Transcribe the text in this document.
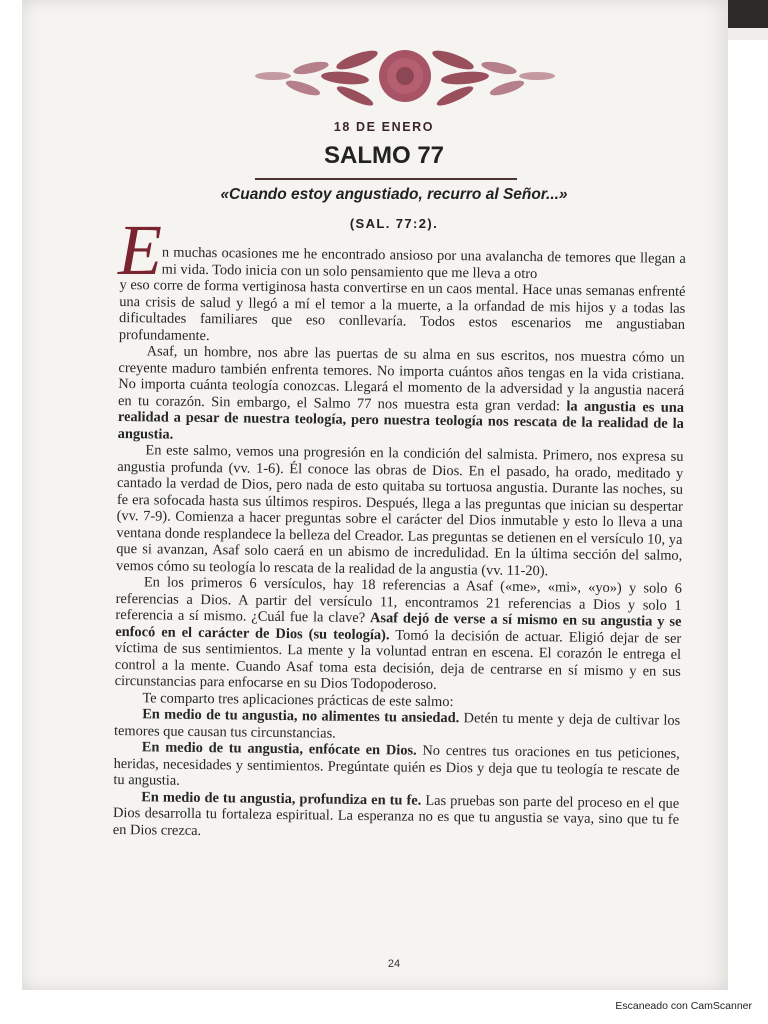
18 DE ENERO
SALMO 77
«Cuando estoy angustiado, recurro al Señor...»
(SAL. 77:2).
E n muchas ocasiones me he encontrado ansioso por una avalancha de temores que llegan a mi vida. Todo inicia con un solo pensamiento que me lleva a otro
y eso corre de forma vertiginosa hasta convertirse en un caos mental. Hace unas semanas enfrenté una crisis de salud y llegó a mí el temor a la muerte, a la orfandad de mis hijos y a todas las dificultades familiares que eso conllevaría. Todos estos escenarios me angustiaban profundamente.

Asaf, un hombre, nos abre las puertas de su alma en sus escritos, nos muestra cómo un creyente maduro también enfrenta temores. No importa cuántos años tengas en la vida cristiana. No importa cuánta teología conozcas. Llegará el momento de la adversidad y la angustia nacerá en tu corazón. Sin embargo, el Salmo 77 nos muestra esta gran verdad: la angustia es una realidad a pesar de nuestra teología, pero nuestra teología nos rescata de la realidad de la angustia.

En este salmo, vemos una progresión en la condición del salmista. Primero, nos expresa su angustia profunda (vv. 1-6). Él conoce las obras de Dios. En el pasado, ha orado, meditado y cantado la verdad de Dios, pero nada de esto quitaba su tortuosa angustia. Durante las noches, su fe era sofocada hasta sus últimos respiros. Después, llega a las preguntas que inician su despertar (vv. 7-9). Comienza a hacer preguntas sobre el carácter del Dios inmutable y esto lo lleva a una ventana donde resplandece la belleza del Creador. Las preguntas se detienen en el versículo 10, ya que si avanzan, Asaf solo caerá en un abismo de incredulidad. En la última sección del salmo, vemos cómo su teología lo rescata de la realidad de la angustia (vv. 11-20).

En los primeros 6 versículos, hay 18 referencias a Asaf («me», «mi», «yo») y solo 6 referencias a Dios. A partir del versículo 11, encontramos 21 referencias a Dios y solo 1 referencia a sí mismo. ¿Cuál fue la clave? Asaf dejó de verse a sí mismo en su angustia y se enfocó en el carácter de Dios (su teología). Tomó la decisión de actuar. Eligió dejar de ser víctima de sus sentimientos. La mente y la voluntad entran en escena. El corazón le entrega el control a la mente. Cuando Asaf toma esta decisión, deja de centrarse en sí mismo y en sus circunstancias para enfocarse en su Dios Todopoderoso.

Te comparto tres aplicaciones prácticas de este salmo:

En medio de tu angustia, no alimentes tu ansiedad. Detén tu mente y deja de cultivar los temores que causan tus circunstancias.

En medio de tu angustia, enfócate en Dios. No centres tus oraciones en tus peticiones, heridas, necesidades y sentimientos. Pregúntate quién es Dios y deja que tu teología te rescate de tu angustia.

En medio de tu angustia, profundiza en tu fe. Las pruebas son parte del proceso en el que Dios desarrolla tu fortaleza espiritual. La esperanza no es que tu angustia se vaya, sino que tu fe en Dios crezca.

24
Escaneado con CamScanner
